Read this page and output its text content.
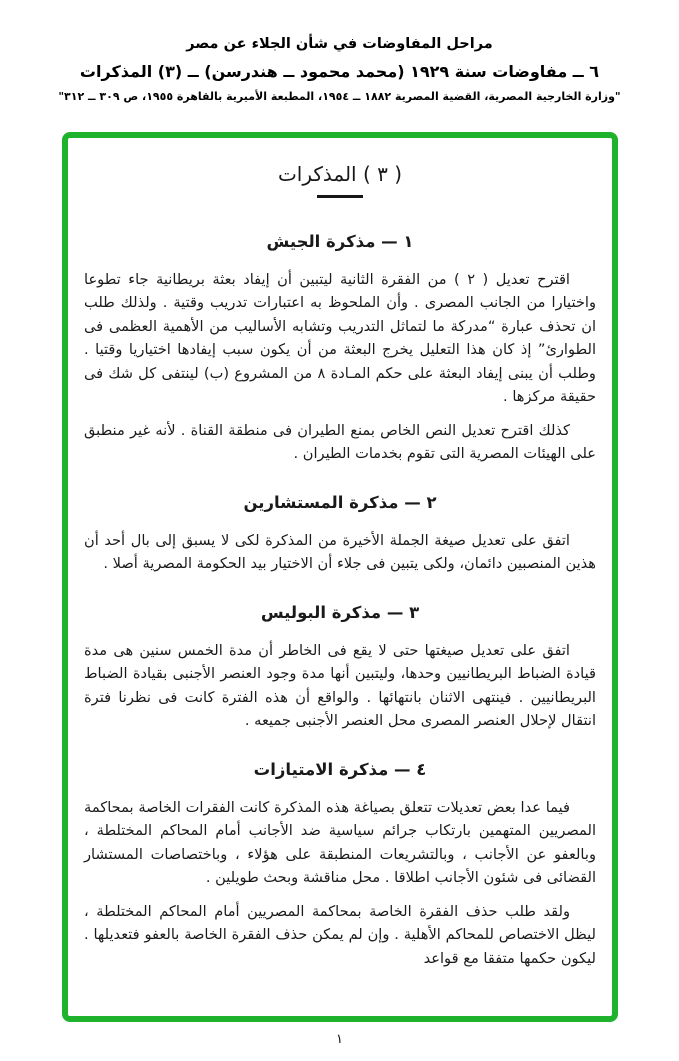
مراحل المفاوضات في شأن الجلاء عن مصر
٦ ــ مفاوضات سنة ١٩٢٩ (محمد محمود ــ هندرسن) ــ (٣) المذكرات
"وزارة الخارجية المصرية، القضية المصرية ١٨٨٢ ــ ١٩٥٤، المطبعة الأميرية بالقاهرة ١٩٥٥، ص ٣٠٩ ــ ٣١٢"
( ٣ ) المذكرات
١ — مذكرة الجيش

اقترح تعديل ( ٢ ) من الفقرة الثانية ليتبين أن إيفاد بعثة بريطانية جاء تطوعا واختيارا من الجانب المصرى . وأن الملحوظ به اعتبارات تدريب وقتية . ولذلك طلب ان تحذف عبارة “مدركة ما لتماثل التدريب وتشابه الأساليب من الأهمية العظمى فى الطوارئ” إذ كان هذا التعليل يخرج البعثة من أن يكون سبب إيفادها اختياريا وقتيا . وطلب أن يبنى إيفاد البعثة على حكم المـادة ٨ من المشروع (ب) لينتفى كل شك فى حقيقة مركزها .

كذلك اقترح تعديل النص الخاص بمنع الطيران فى منطقة القناة . لأنه غير منطبق على الهيئات المصرية التى تقوم بخدمات الطيران .

٢ — مذكرة المستشارين

اتفق على تعديل صيغة الجملة الأخيرة من المذكرة لكى لا يسبق إلى بال أحد أن هذين المنصبين دائمان، ولكى يتبين فى جلاء أن الاختيار بيد الحكومة المصرية أصلا .

٣ — مذكرة البوليس

اتفق على تعديل صيغتها حتى لا يقع فى الخاطر أن مدة الخمس سنين هى مدة قيادة الضباط البريطانيين وحدها، وليتبين أنها مدة وجود العنصر الأجنبى بقيادة الضباط البريطانيين . فينتهى الاثنان بانتهائها . والواقع أن هذه الفترة كانت فى نظرنا فترة انتقال لإحلال العنصر المصرى محل العنصر الأجنبى جميعه .

٤ — مذكرة الامتيازات

فيما عدا بعض تعديلات تتعلق بصياغة هذه المذكرة كانت الفقرات الخاصة بمحاكمة المصريين المتهمين بارتكاب جرائم سياسية ضد الأجانب أمام المحاكم المختلطة ، وبالعفو عن الأجانب ، وبالتشريعات المنطبقة على هؤلاء ، وباختصاصات المستشار القضائى فى شئون الأجانب اطلاقا . محل مناقشة وبحث طويلين .

ولقد طلب حذف الفقرة الخاصة بمحاكمة المصريين أمام المحاكم المختلطة ، ليظل الاختصاص للمحاكم الأهلية . وإن لم يمكن حذف الفقرة الخاصة بالعفو فتعديلها . ليكون حكمها متفقا مع قواعد

١
